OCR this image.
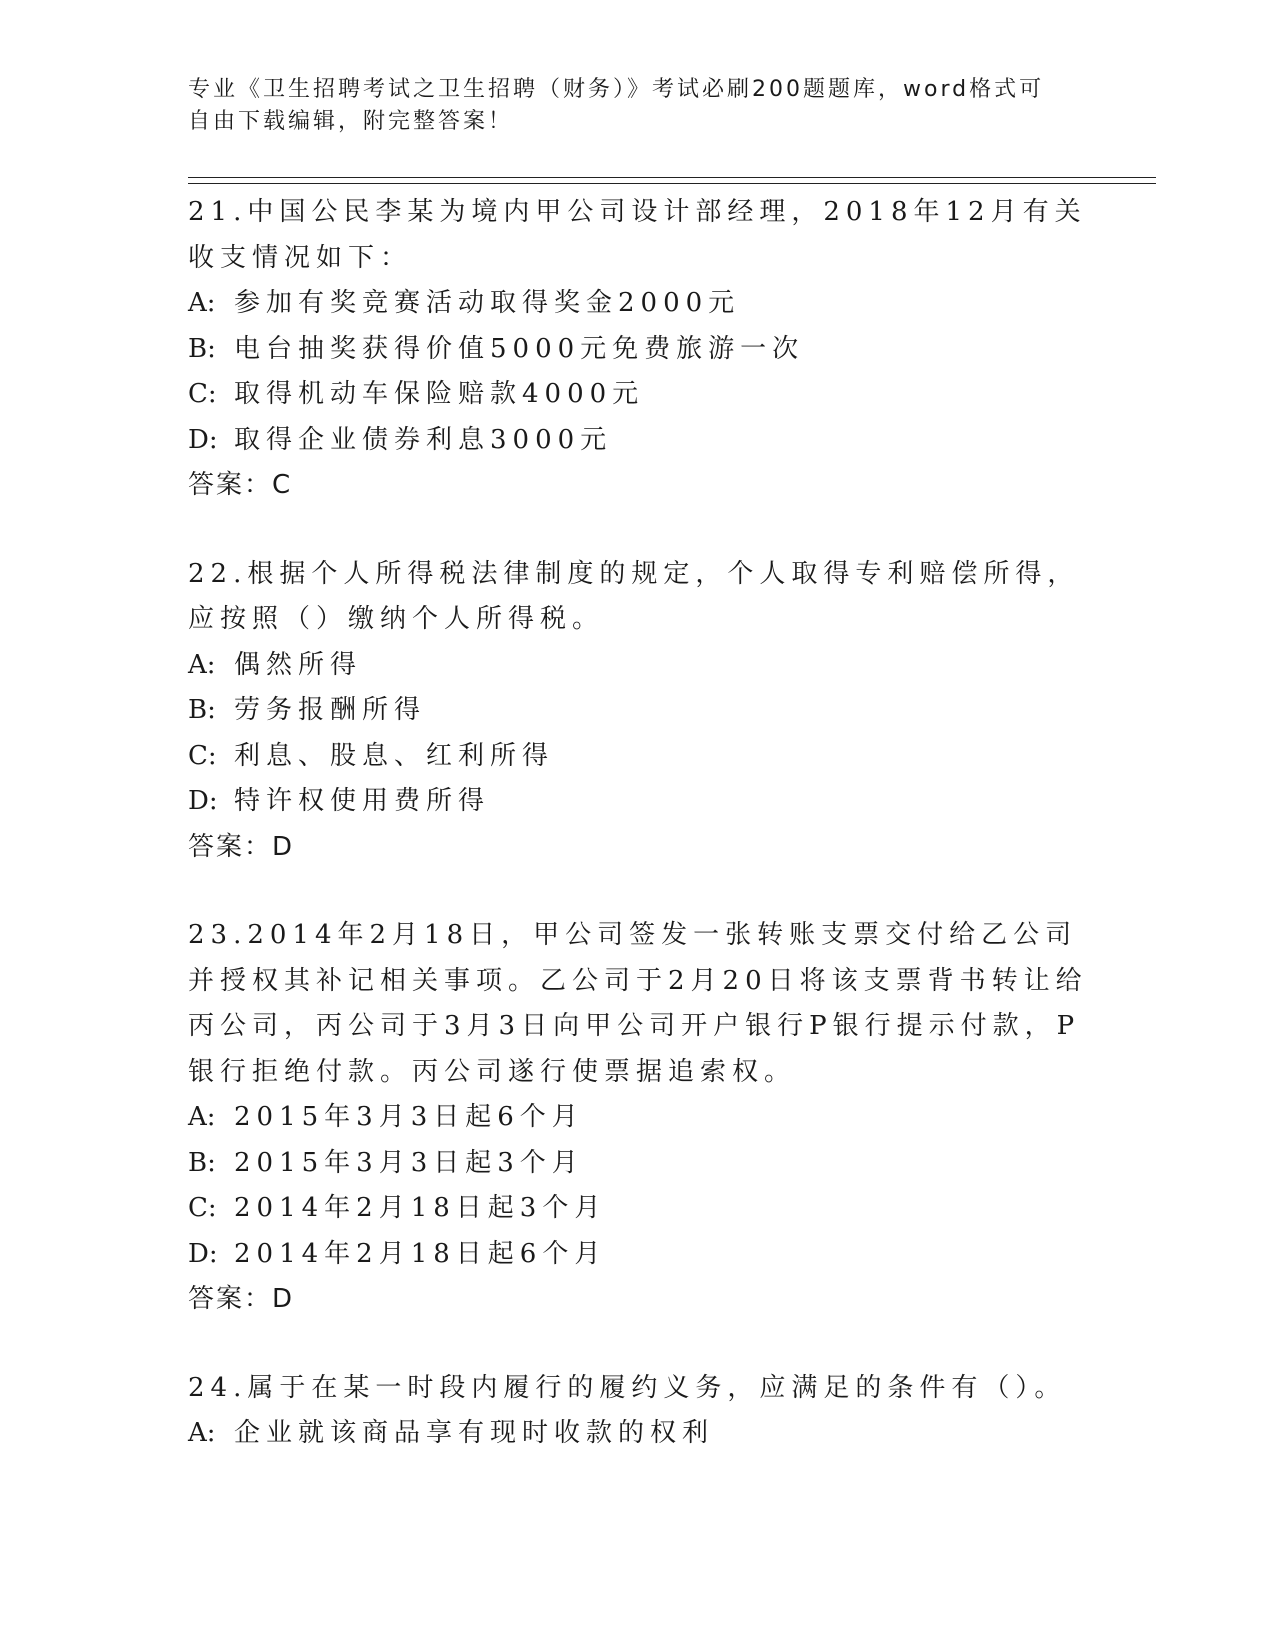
专业《卫生招聘考试之卫生招聘（财务）》考试必刷200题题库，word格式可自由下载编辑，附完整答案！

21.中国公民李某为境内甲公司设计部经理，2018年12月有关收支情况如下：

A: 参加有奖竞赛活动取得奖金2000元

B: 电台抽奖获得价值5000元免费旅游一次

C: 取得机动车保险赔款4000元

D: 取得企业债券利息3000元

答案：C

22.根据个人所得税法律制度的规定，个人取得专利赔偿所得，应按照（）缴纳个人所得税。

A: 偶然所得

B: 劳务报酬所得

C: 利息、股息、红利所得

D: 特许权使用费所得

答案：D

23.2014年2月18日，甲公司签发一张转账支票交付给乙公司并授权其补记相关事项。乙公司于2月20日将该支票背书转让给丙公司，丙公司于3月3日向甲公司开户银行P银行提示付款，P银行拒绝付款。丙公司遂行使票据追索权。

A: 2015年3月3日起6个月

B: 2015年3月3日起3个月

C: 2014年2月18日起3个月

D: 2014年2月18日起6个月

答案：D

24.属于在某一时段内履行的履约义务，应满足的条件有（）。

A: 企业就该商品享有现时收款的权利
